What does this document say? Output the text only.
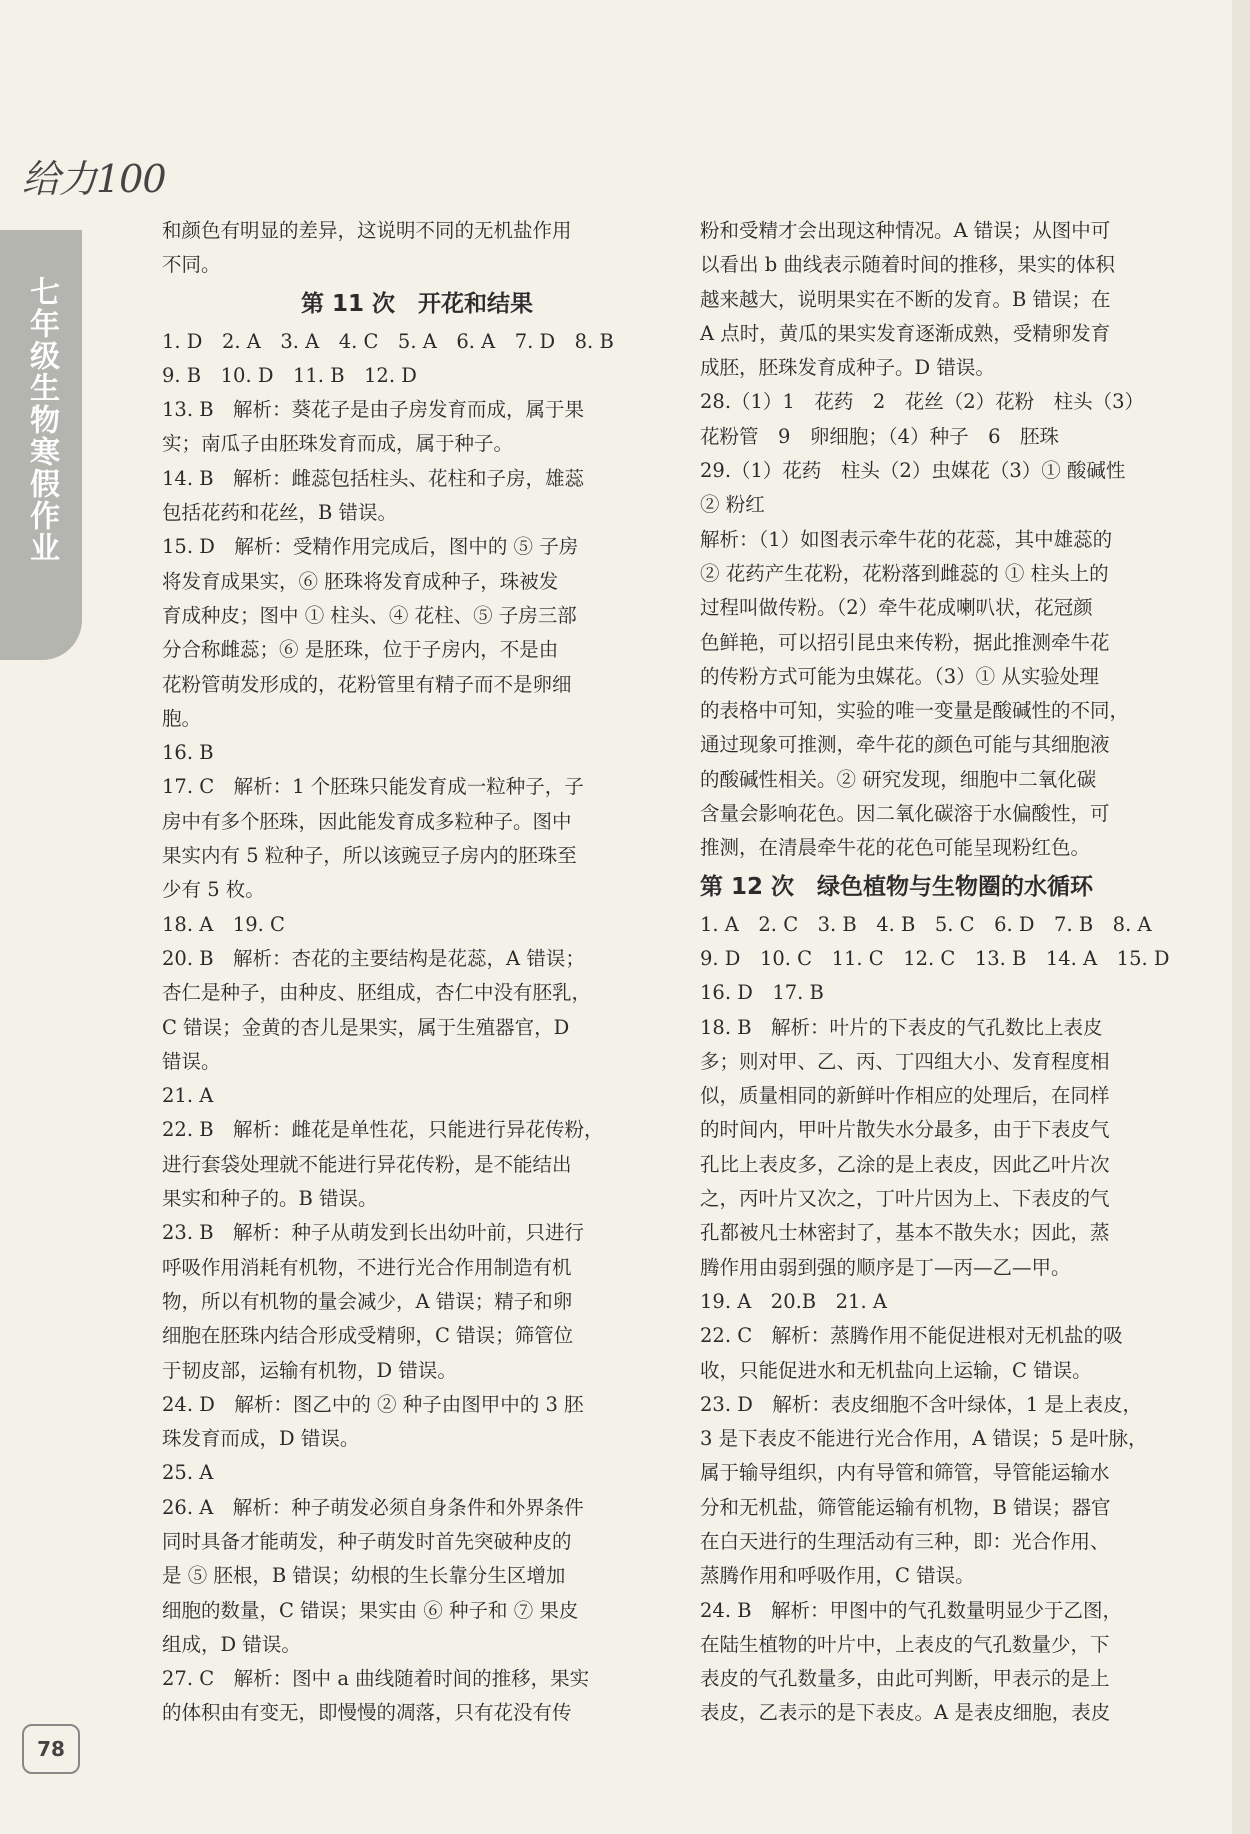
给力100
七年级生物寒假作业

和颜色有明显的差异，这说明不同的无机盐作用

不同。

第 11 次　开花和结果

1. D　2. A　3. A　4. C　5. A　6. A　7. D　8. B

9. B　10. D　11. B　12. D

13. B　解析：葵花子是由子房发育而成，属于果

实；南瓜子由胚珠发育而成，属于种子。

14. B　解析：雌蕊包括柱头、花柱和子房，雄蕊

包括花药和花丝，B 错误。

15. D　解析：受精作用完成后，图中的 ⑤ 子房

将发育成果实，⑥ 胚珠将发育成种子，珠被发

育成种皮；图中 ① 柱头、④ 花柱、⑤ 子房三部

分合称雌蕊；⑥ 是胚珠，位于子房内，不是由

花粉管萌发形成的，花粉管里有精子而不是卵细

胞。

16. B

17. C　解析：1 个胚珠只能发育成一粒种子，子

房中有多个胚珠，因此能发育成多粒种子。图中

果实内有 5 粒种子，所以该豌豆子房内的胚珠至

少有 5 枚。

18. A　19. C

20. B　解析：杏花的主要结构是花蕊，A 错误；

杏仁是种子，由种皮、胚组成，杏仁中没有胚乳，

C 错误；金黄的杏儿是果实，属于生殖器官，D

错误。

21. A

22. B　解析：雌花是单性花，只能进行异花传粉，

进行套袋处理就不能进行异花传粉，是不能结出

果实和种子的。B 错误。

23. B　解析：种子从萌发到长出幼叶前，只进行

呼吸作用消耗有机物，不进行光合作用制造有机

物，所以有机物的量会减少，A 错误；精子和卵

细胞在胚珠内结合形成受精卵，C 错误；筛管位

于韧皮部，运输有机物，D 错误。

24. D　解析：图乙中的 ② 种子由图甲中的 3 胚

珠发育而成，D 错误。

25. A

26. A　解析：种子萌发必须自身条件和外界条件

同时具备才能萌发，种子萌发时首先突破种皮的

是 ⑤ 胚根，B 错误；幼根的生长靠分生区增加

细胞的数量，C 错误；果实由 ⑥ 种子和 ⑦ 果皮

组成，D 错误。

27. C　解析：图中 a 曲线随着时间的推移，果实

的体积由有变无，即慢慢的凋落，只有花没有传

粉和受精才会出现这种情况。A 错误；从图中可

以看出 b 曲线表示随着时间的推移，果实的体积

越来越大，说明果实在不断的发育。B 错误；在

A 点时，黄瓜的果实发育逐渐成熟，受精卵发育

成胚，胚珠发育成种子。D 错误。

28.（1）1　花药　2　花丝（2）花粉　柱头（3）

花粉管　9　卵细胞；（4）种子　6　胚珠

29.（1）花药　柱头（2）虫媒花（3）① 酸碱性

② 粉红

解析：（1）如图表示牵牛花的花蕊，其中雄蕊的

② 花药产生花粉，花粉落到雌蕊的 ① 柱头上的

过程叫做传粉。（2）牵牛花成喇叭状，花冠颜

色鲜艳，可以招引昆虫来传粉，据此推测牵牛花

的传粉方式可能为虫媒花。（3）① 从实验处理

的表格中可知，实验的唯一变量是酸碱性的不同，

通过现象可推测，牵牛花的颜色可能与其细胞液

的酸碱性相关。② 研究发现，细胞中二氧化碳

含量会影响花色。因二氧化碳溶于水偏酸性，可

推测，在清晨牵牛花的花色可能呈现粉红色。

第 12 次　绿色植物与生物圈的水循环

1. A　2. C　3. B　4. B　5. C　6. D　7. B　8. A

9. D　10. C　11. C　12. C　13. B　14. A　15. D

16. D　17. B

18. B　解析：叶片的下表皮的气孔数比上表皮

多；则对甲、乙、丙、丁四组大小、发育程度相

似，质量相同的新鲜叶作相应的处理后，在同样

的时间内，甲叶片散失水分最多，由于下表皮气

孔比上表皮多，乙涂的是上表皮，因此乙叶片次

之，丙叶片又次之，丁叶片因为上、下表皮的气

孔都被凡士林密封了，基本不散失水；因此，蒸

腾作用由弱到强的顺序是丁—丙—乙—甲。

19. A　20.B　21. A

22. C　解析：蒸腾作用不能促进根对无机盐的吸

收，只能促进水和无机盐向上运输，C 错误。

23. D　解析：表皮细胞不含叶绿体，1 是上表皮，

3 是下表皮不能进行光合作用，A 错误；5 是叶脉，

属于输导组织，内有导管和筛管，导管能运输水

分和无机盐，筛管能运输有机物，B 错误；器官

在白天进行的生理活动有三种，即：光合作用、

蒸腾作用和呼吸作用，C 错误。

24. B　解析：甲图中的气孔数量明显少于乙图，

在陆生植物的叶片中，上表皮的气孔数量少，下

表皮的气孔数量多，由此可判断，甲表示的是上

表皮，乙表示的是下表皮。A 是表皮细胞，表皮

78
